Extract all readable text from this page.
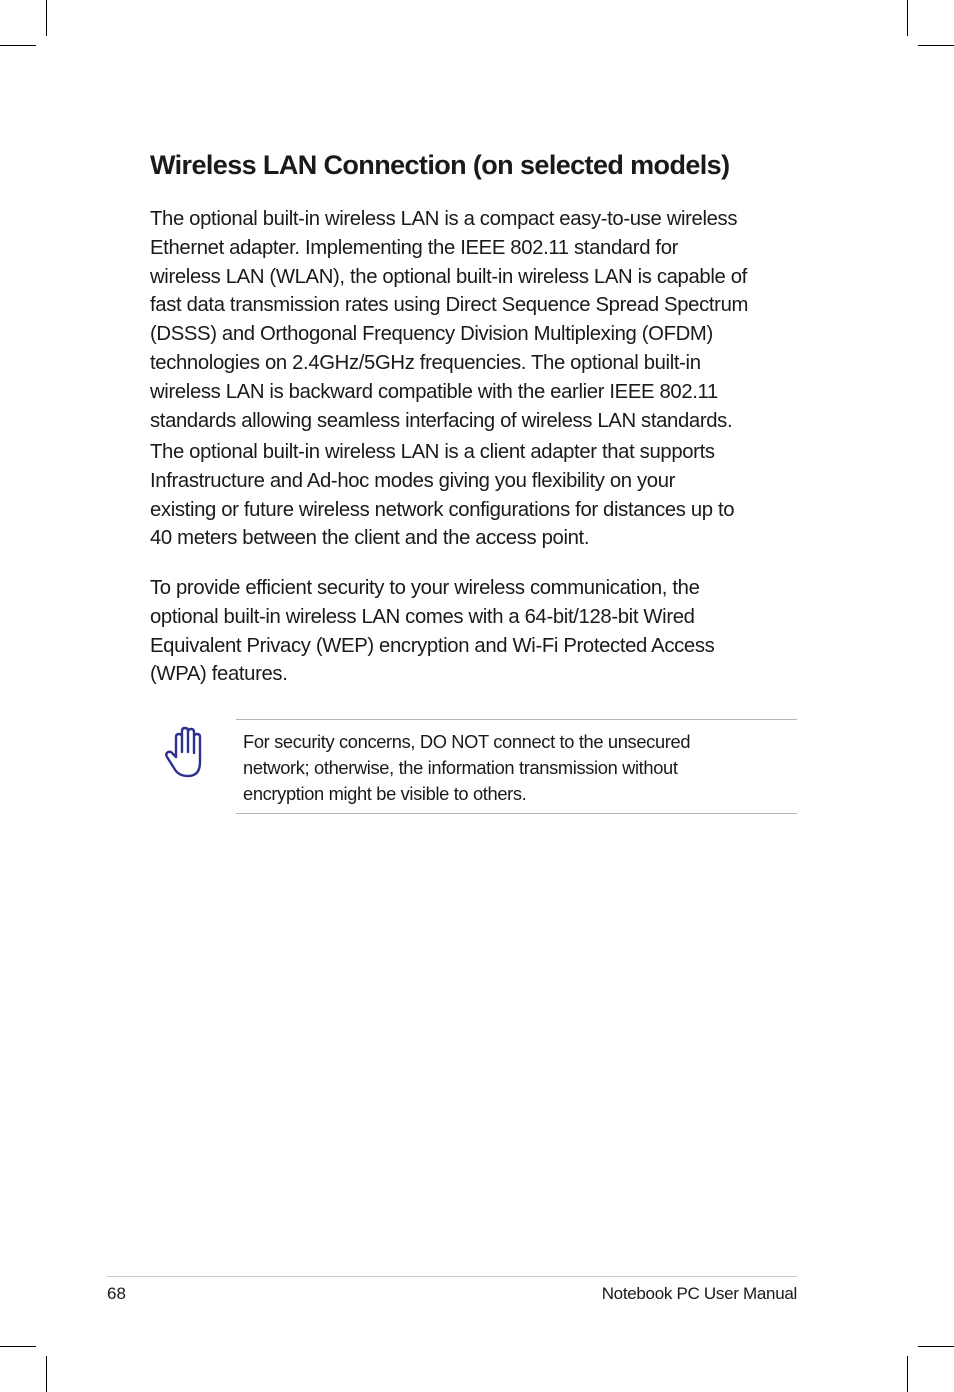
Wireless LAN Connection (on selected models)

The optional built-in wireless LAN is a compact easy-to-use wireless
Ethernet adapter. Implementing the IEEE 802.11 standard for
wireless LAN (WLAN), the optional built-in wireless LAN is capable of
fast data transmission rates using Direct Sequence Spread Spectrum
(DSSS) and Orthogonal Frequency Division Multiplexing (OFDM)
technologies on 2.4GHz/5GHz frequencies. The optional built-in
wireless LAN is backward compatible with the earlier IEEE 802.11
standards allowing seamless interfacing of wireless LAN standards.

The optional built-in wireless LAN is a client adapter that supports
Infrastructure and Ad-hoc modes giving you flexibility on your
existing or future wireless network configurations for distances up to
40 meters between the client and the access point.

To provide efficient security to your wireless communication, the
optional built-in wireless LAN comes with a 64-bit/128-bit Wired
Equivalent Privacy (WEP) encryption and Wi-Fi Protected Access
(WPA) features.

For security concerns, DO NOT connect to the unsecured
network; otherwise, the information transmission without
encryption might be visible to others.

68	Notebook PC User Manual
